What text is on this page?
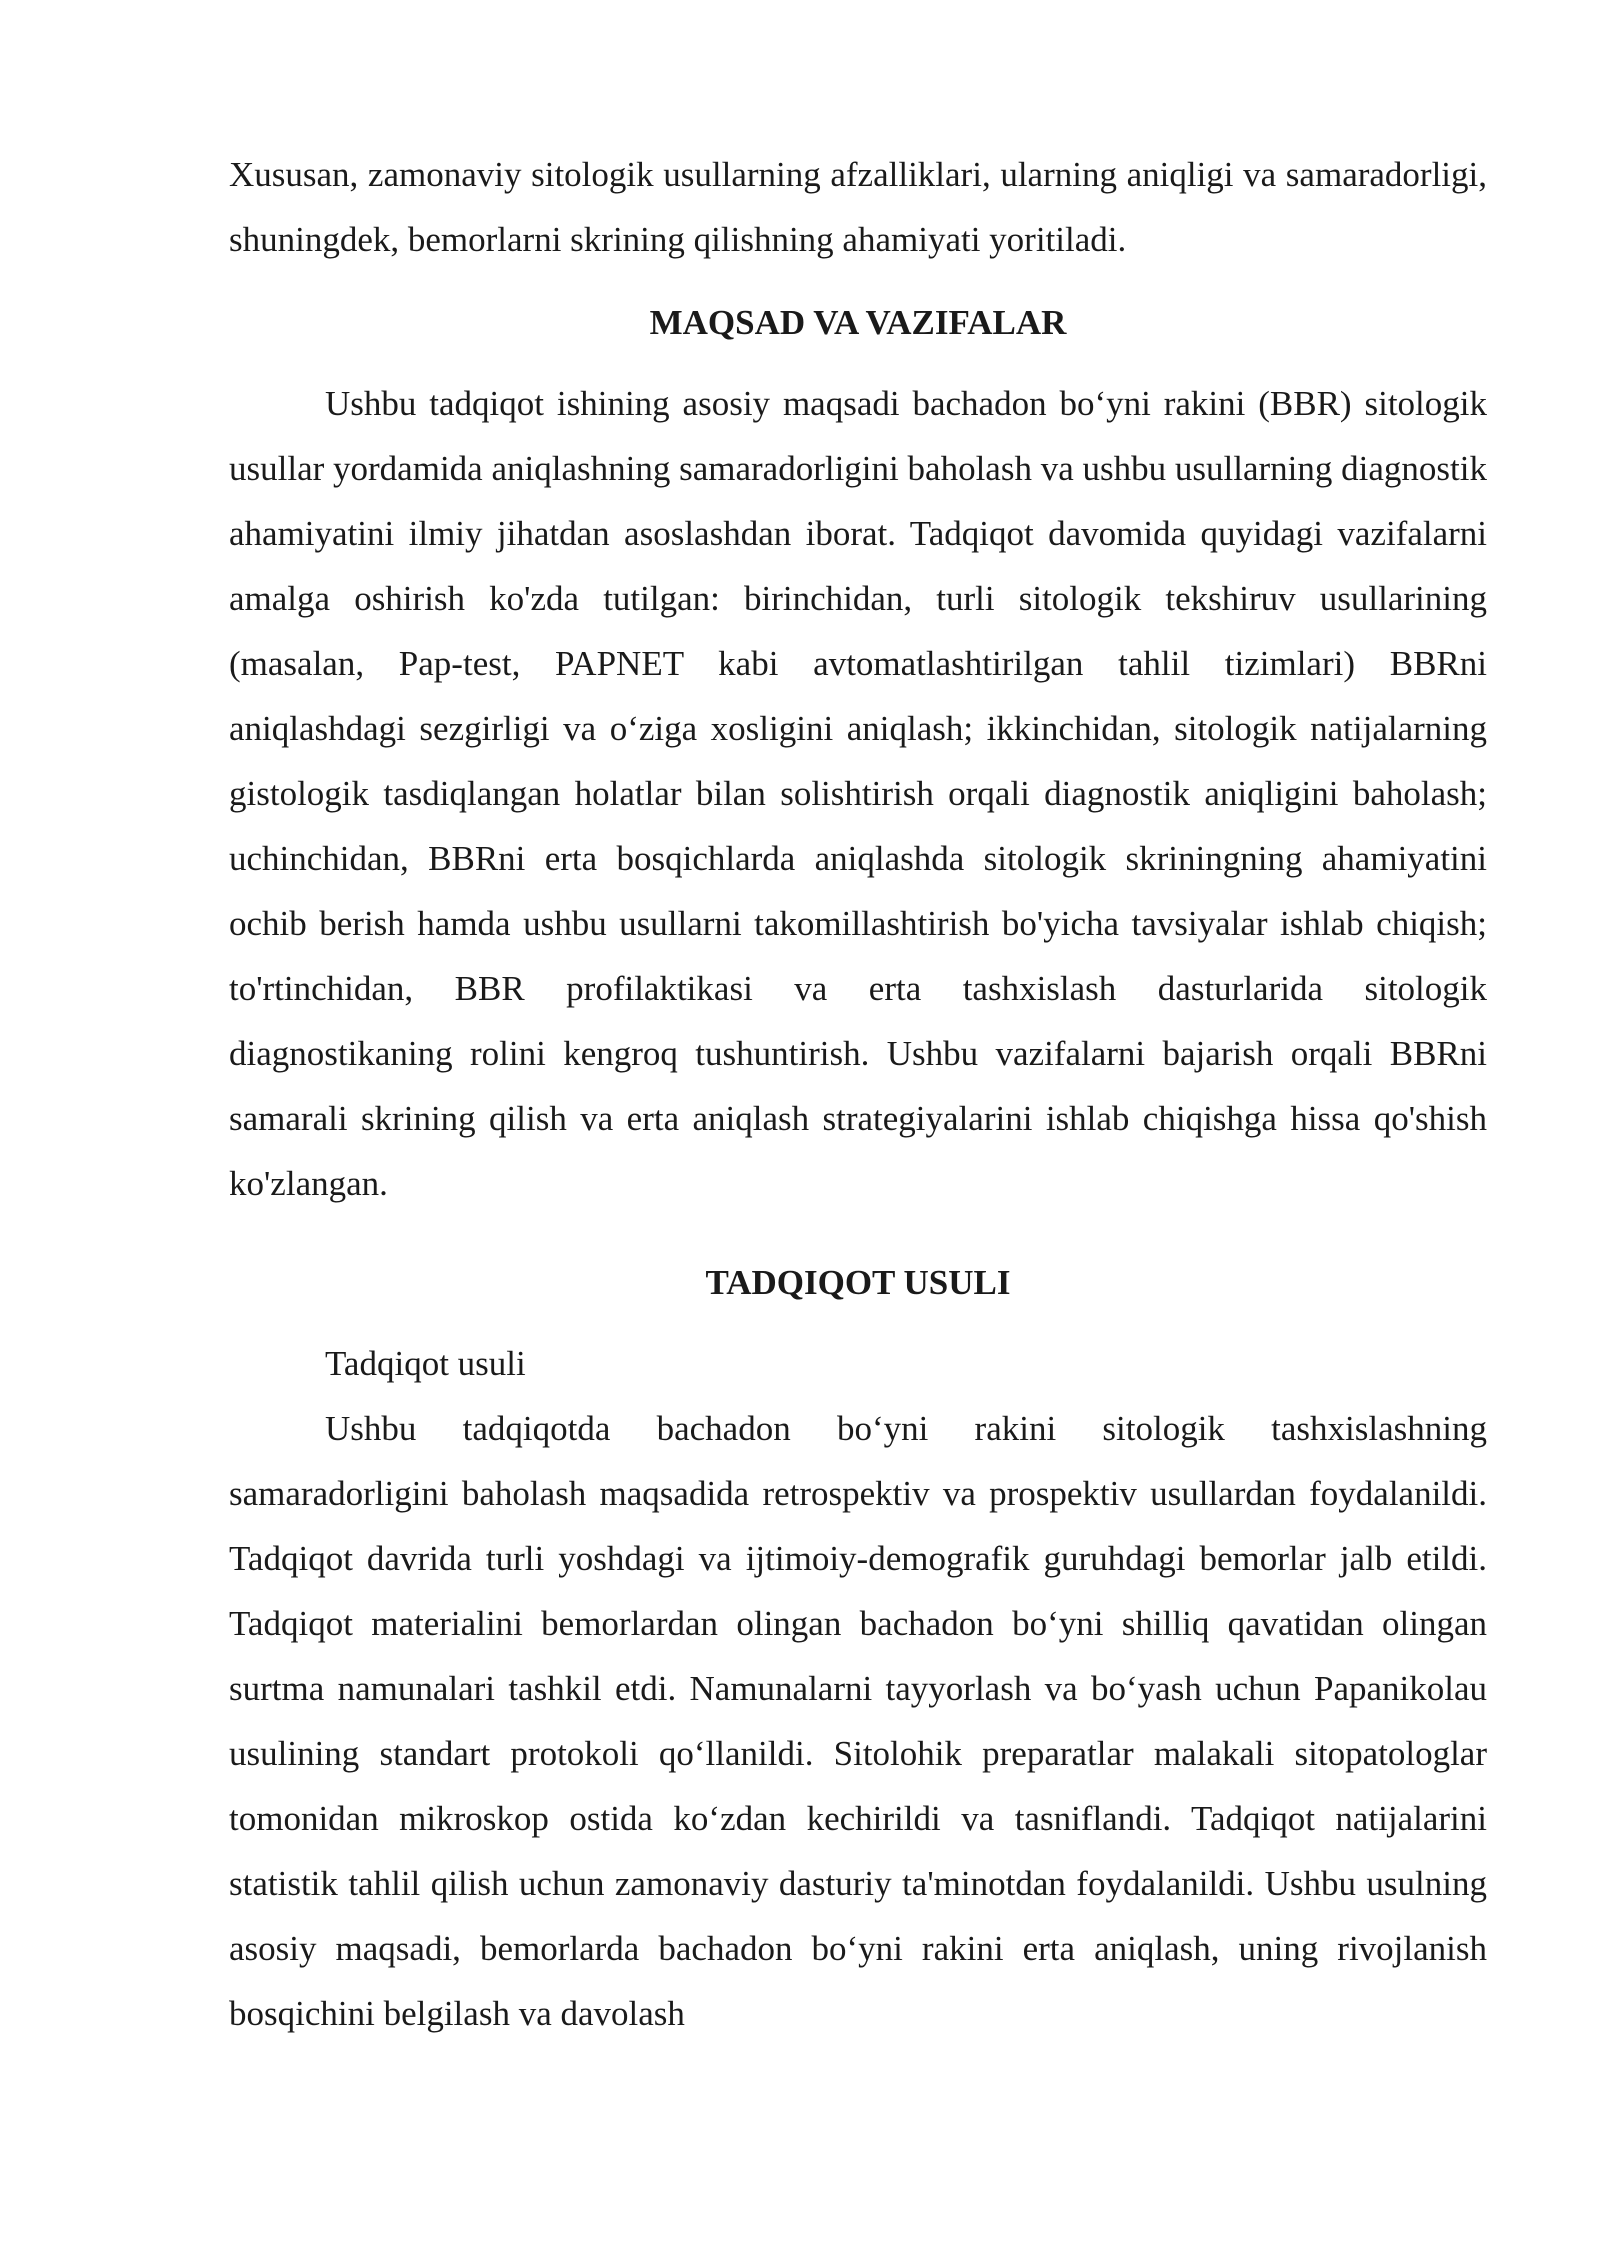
Xususan, zamonaviy sitologik usullarning afzalliklari, ularning aniqligi va samaradorligi, shuningdek, bemorlarni skrining qilishning ahamiyati yoritiladi.

MAQSAD VA VAZIFALAR

Ushbu tadqiqot ishining asosiy maqsadi bachadon bo‘yni rakini (BBR) sitologik usullar yordamida aniqlashning samaradorligini baholash va ushbu usullarning diagnostik ahamiyatini ilmiy jihatdan asoslashdan iborat. Tadqiqot davomida quyidagi vazifalarni amalga oshirish ko'zda tutilgan: birinchidan, turli sitologik tekshiruv usullarining (masalan, Pap-test, PAPNET kabi avtomatlashtirilgan tahlil tizimlari) BBRni aniqlashdagi sezgirligi va o‘ziga xosligini aniqlash; ikkinchidan, sitologik natijalarning gistologik tasdiqlangan holatlar bilan solishtirish orqali diagnostik aniqligini baholash; uchinchidan, BBRni erta bosqichlarda aniqlashda sitologik skriningning ahamiyatini ochib berish hamda ushbu usullarni takomillashtirish bo'yicha tavsiyalar ishlab chiqish; to'rtinchidan, BBR profilaktikasi va erta tashxislash dasturlarida sitologik diagnostikaning rolini kengroq tushuntirish. Ushbu vazifalarni bajarish orqali BBRni samarali skrining qilish va erta aniqlash strategiyalarini ishlab chiqishga hissa qo'shish ko'zlangan.

TADQIQOT USULI

Tadqiqot usuli

Ushbu tadqiqotda bachadon bo‘yni rakini sitologik tashxislashning samaradorligini baholash maqsadida retrospektiv va prospektiv usullardan foydalanildi. Tadqiqot davrida turli yoshdagi va ijtimoiy-demografik guruhdagi bemorlar jalb etildi. Tadqiqot materialini bemorlardan olingan bachadon bo‘yni shilliq qavatidan olingan surtma namunalari tashkil etdi. Namunalarni tayyorlash va bo‘yash uchun Papanikolau usulining standart protokoli qo‘llanildi. Sitolohik preparatlar malakali sitopatologlar tomonidan mikroskop ostida ko‘zdan kechirildi va tasniflandi. Tadqiqot natijalarini statistik tahlil qilish uchun zamonaviy dasturiy ta'minotdan foydalanildi. Ushbu usulning asosiy maqsadi, bemorlarda bachadon bo‘yni rakini erta aniqlash, uning rivojlanish bosqichini belgilash va davolash
